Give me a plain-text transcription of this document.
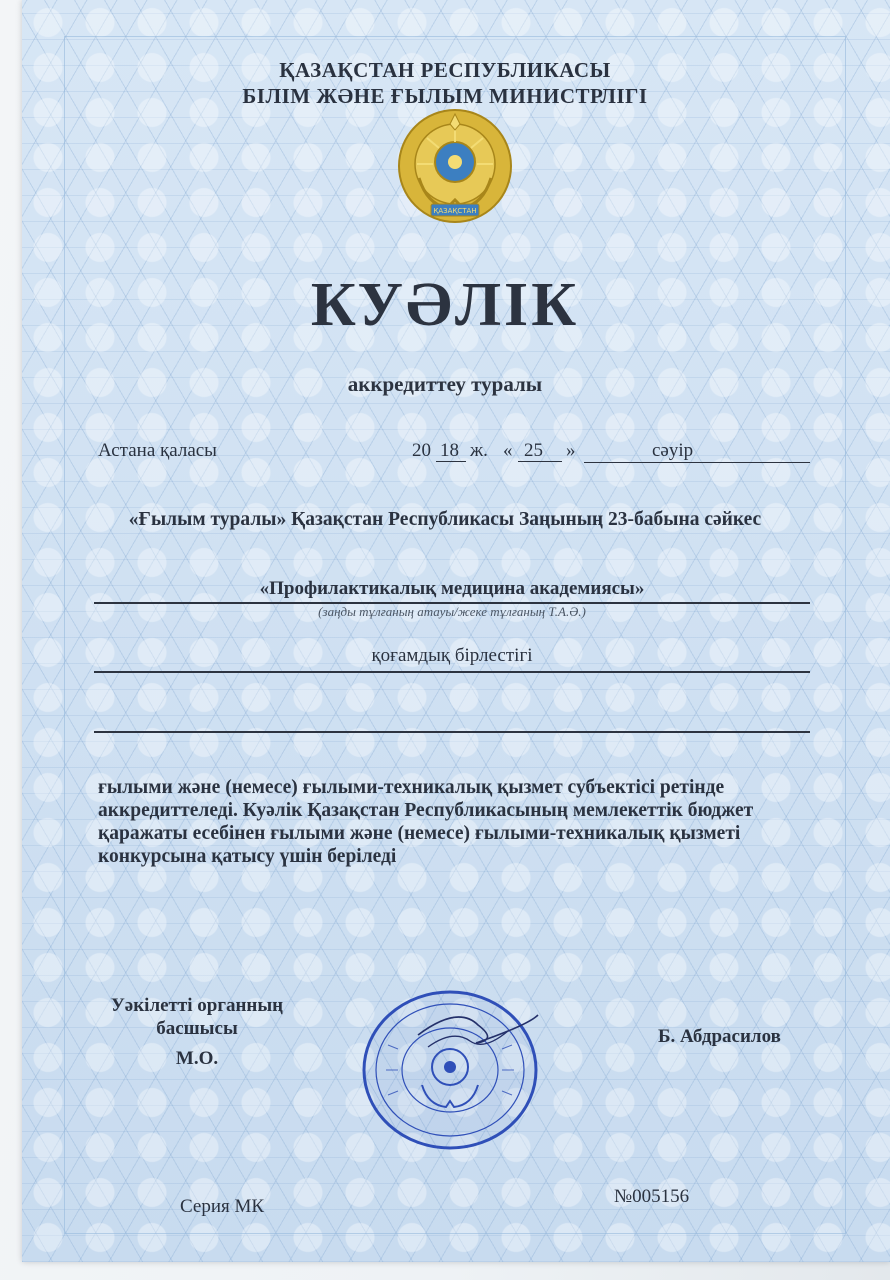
ҚАЗАҚСТАН РЕСПУБЛИКАСЫ
БІЛІМ ЖӘНЕ ҒЫЛЫМ МИНИСТРЛІГІ
ҚАЗАҚСТАН
КУӘЛІК
аккредиттеу туралы
Астана қаласы	20 18 ж. « 25 »	сәуір
«Ғылым туралы» Қазақстан Республикасы Заңының 23-бабына сәйкес
«Профилактикалық медицина академиясы»
(заңды тұлғаның атауы/жеке тұлғаның Т.А.Ә.)
қоғамдық бірлестігі
ғылыми және (немесе) ғылыми-техникалық қызмет субъектісі ретінде аккредиттеледі. Куәлік Қазақстан Республикасының мемлекеттік бюджет қаражаты есебінен ғылыми және (немесе) ғылыми-техникалық қызметі конкурсына қатысу үшін беріледі
Уәкілетті органның
басшысы
М.О.
Б. Абдрасилов
Серия МК	№005156
